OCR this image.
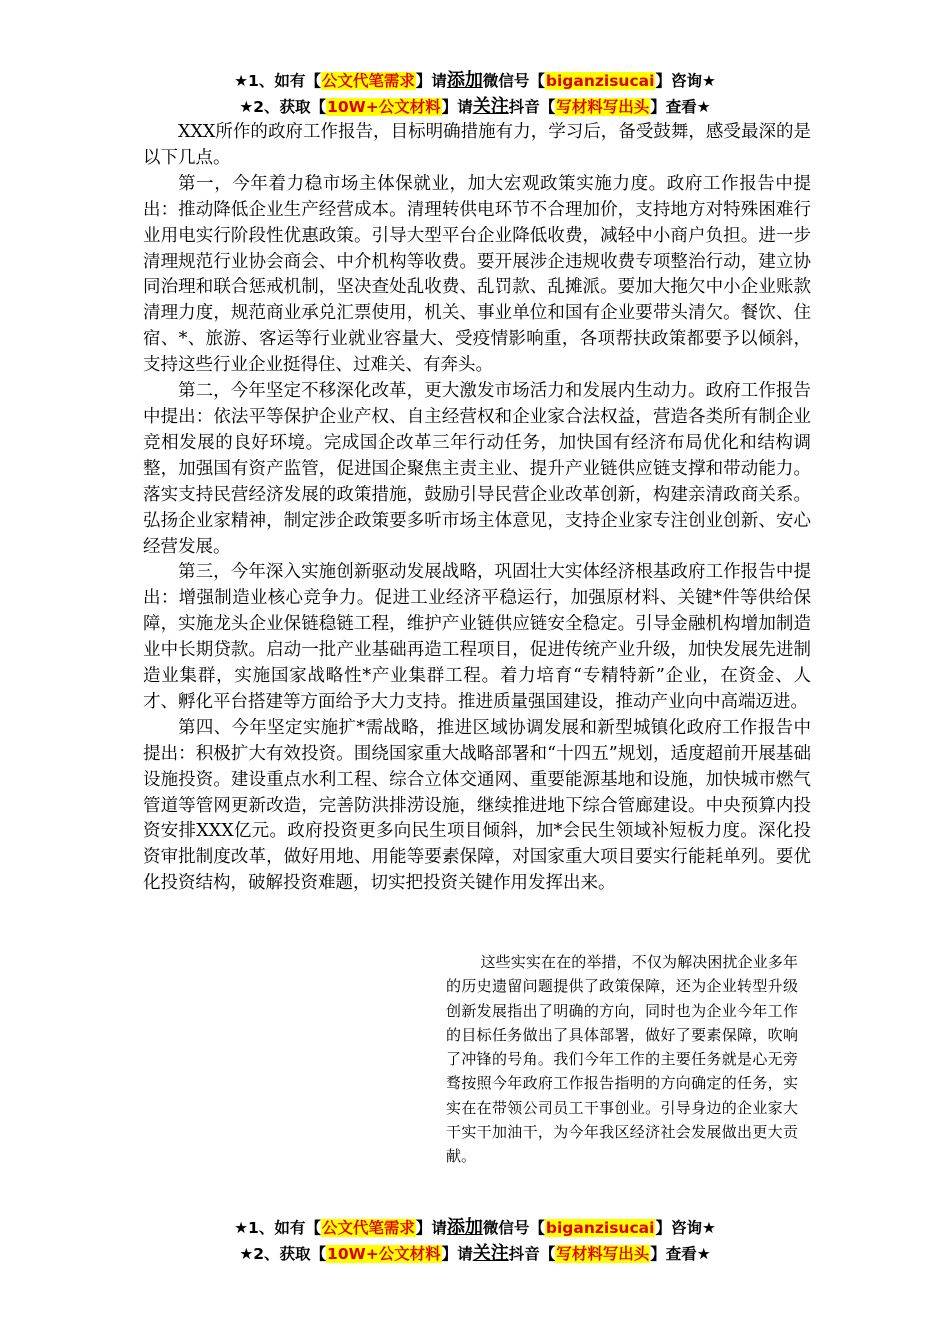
★1、如有【公文代笔需求】请添加微信号【biganzisucai】咨询★
★2、获取【10W+公文材料】请关注抖音【写材料写出头】查看★

XXX所作的政府工作报告，目标明确措施有力，学习后，备受鼓舞，感受最深的是以下几点。

第一，今年着力稳市场主体保就业，加大宏观政策实施力度。政府工作报告中提出：推动降低企业生产经营成本。清理转供电环节不合理加价，支持地方对特殊困难行业用电实行阶段性优惠政策。引导大型平台企业降低收费，减轻中小商户负担。进一步清理规范行业协会商会、中介机构等收费。要开展涉企违规收费专项整治行动，建立协同治理和联合惩戒机制，坚决查处乱收费、乱罚款、乱摊派。要加大拖欠中小企业账款清理力度，规范商业承兑汇票使用，机关、事业单位和国有企业要带头清欠。餐饮、住宿、*、旅游、客运等行业就业容量大、受疫情影响重，各项帮扶政策都要予以倾斜，支持这些行业企业挺得住、过难关、有奔头。

第二，今年坚定不移深化改革，更大激发市场活力和发展内生动力。政府工作报告中提出：依法平等保护企业产权、自主经营权和企业家合法权益，营造各类所有制企业竞相发展的良好环境。完成国企改革三年行动任务，加快国有经济布局优化和结构调整，加强国有资产监管，促进国企聚焦主责主业、提升产业链供应链支撑和带动能力。落实支持民营经济发展的政策措施，鼓励引导民营企业改革创新，构建亲清政商关系。弘扬企业家精神，制定涉企政策要多听市场主体意见，支持企业家专注创业创新、安心经营发展。

第三，今年深入实施创新驱动发展战略，巩固壮大实体经济根基政府工作报告中提出：增强制造业核心竞争力。促进工业经济平稳运行，加强原材料、关键*件等供给保障，实施龙头企业保链稳链工程，维护产业链供应链安全稳定。引导金融机构增加制造业中长期贷款。启动一批产业基础再造工程项目，促进传统产业升级，加快发展先进制造业集群，实施国家战略性*产业集群工程。着力培育“专精特新”企业，在资金、人才、孵化平台搭建等方面给予大力支持。推进质量强国建设，推动产业向中高端迈进。

第四、今年坚定实施扩*需战略，推进区域协调发展和新型城镇化政府工作报告中提出：积极扩大有效投资。围绕国家重大战略部署和“十四五”规划，适度超前开展基础设施投资。建设重点水利工程、综合立体交通网、重要能源基地和设施，加快城市燃气管道等管网更新改造，完善防洪排涝设施，继续推进地下综合管廊建设。中央预算内投资安排XXX亿元。政府投资更多向民生项目倾斜，加*会民生领域补短板力度。深化投资审批制度改革，做好用地、用能等要素保障，对国家重大项目要实行能耗单列。要优化投资结构，破解投资难题，切实把投资关键作用发挥出来。

这些实实在在的举措，不仅为解决困扰企业多年的历史遗留问题提供了政策保障，还为企业转型升级创新发展指出了明确的方向，同时也为企业今年工作的目标任务做出了具体部署，做好了要素保障，吹响了冲锋的号角。我们今年工作的主要任务就是心无旁骛按照今年政府工作报告指明的方向确定的任务，实实在在带领公司员工干事创业。引导身边的企业家大干实干加油干，为今年我区经济社会发展做出更大贡献。

★1、如有【公文代笔需求】请添加微信号【biganzisucai】咨询★
★2、获取【10W+公文材料】请关注抖音【写材料写出头】查看★
